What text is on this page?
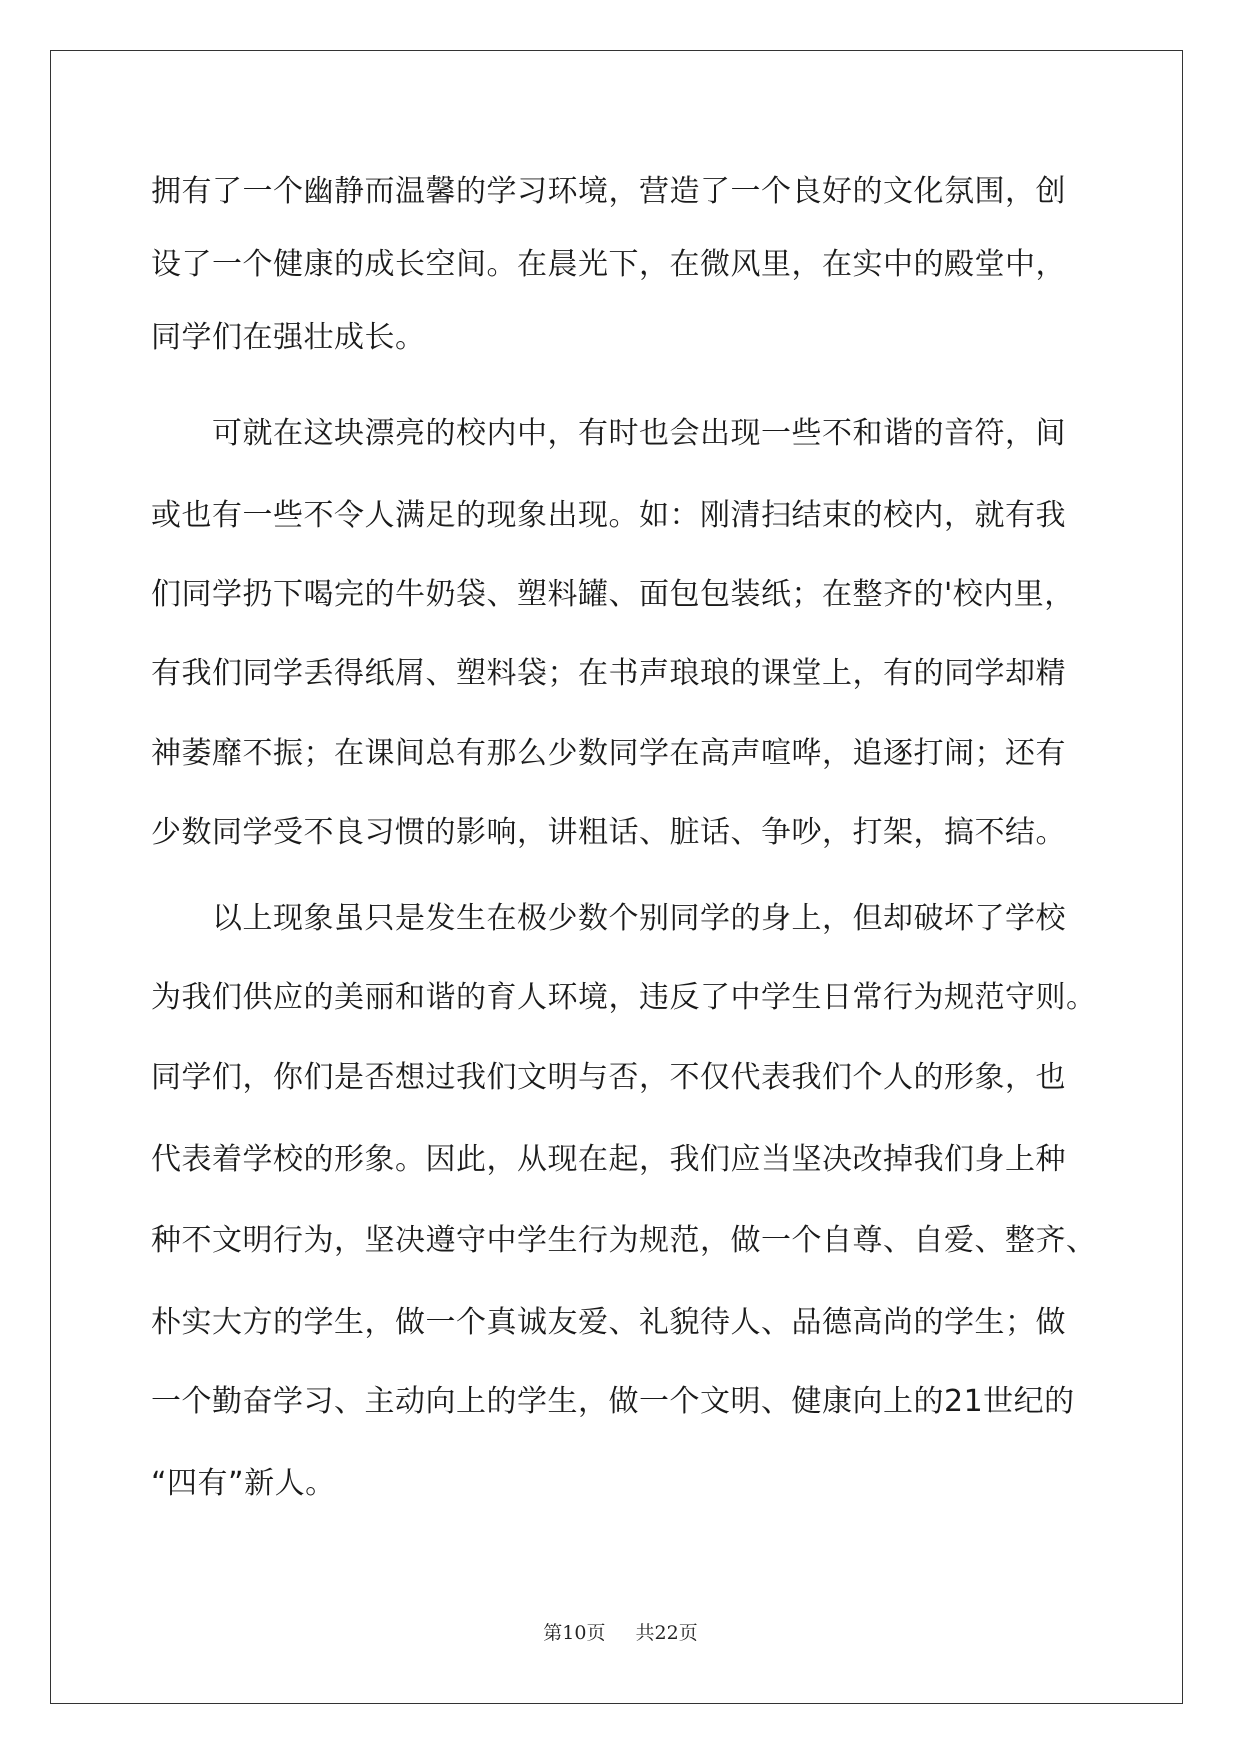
拥有了一个幽静而温馨的学习环境，营造了一个良好的文化氛围，创
设了一个健康的成长空间。在晨光下，在微风里，在实中的殿堂中，
同学们在强壮成长。
　　可就在这块漂亮的校内中，有时也会出现一些不和谐的音符，间
或也有一些不令人满足的现象出现。如：刚清扫结束的校内，就有我
们同学扔下喝完的牛奶袋、塑料罐、面包包装纸；在整齐的'校内里，
有我们同学丢得纸屑、塑料袋；在书声琅琅的课堂上，有的同学却精
神萎靡不振；在课间总有那么少数同学在高声喧哗，追逐打闹；还有
少数同学受不良习惯的影响，讲粗话、脏话、争吵，打架，搞不结。
　　以上现象虽只是发生在极少数个别同学的身上，但却破坏了学校
为我们供应的美丽和谐的育人环境，违反了中学生日常行为规范守则。
同学们，你们是否想过我们文明与否，不仅代表我们个人的形象，也
代表着学校的形象。因此，从现在起，我们应当坚决改掉我们身上种
种不文明行为，坚决遵守中学生行为规范，做一个自尊、自爱、整齐、
朴实大方的学生，做一个真诚友爱、礼貌待人、品德高尚的学生；做
一个勤奋学习、主动向上的学生，做一个文明、健康向上的21世纪的
“四有”新人。
第10页 共22页
